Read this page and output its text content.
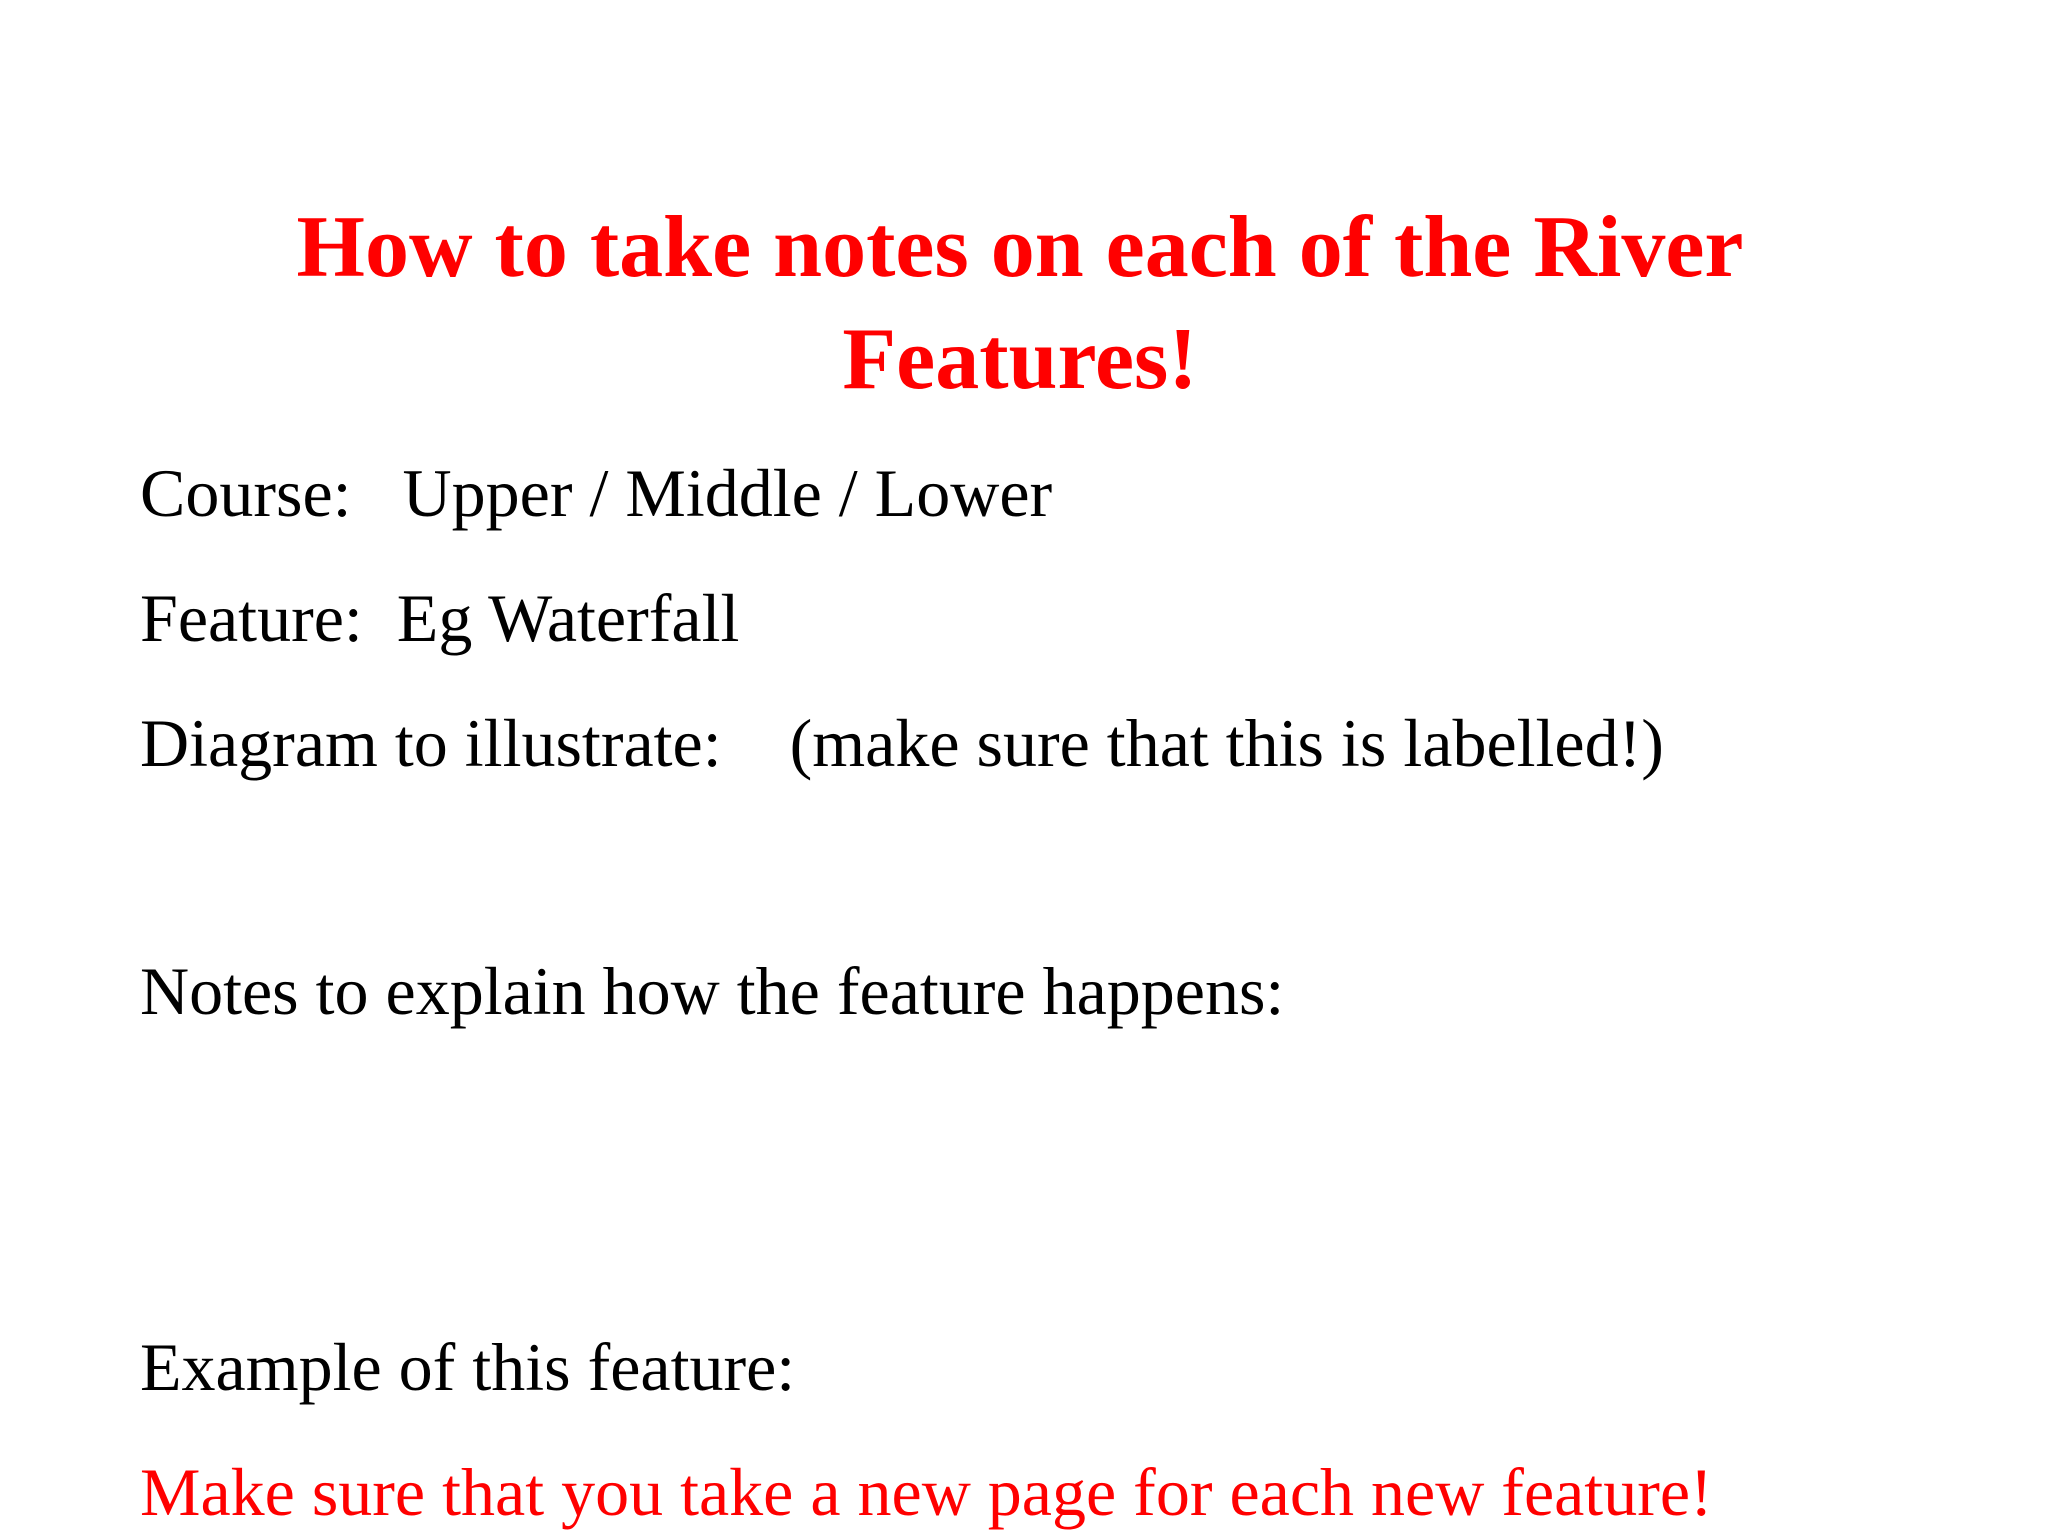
How to take notes on each of the River Features!

Course:   Upper / Middle / Lower

Feature:  Eg Waterfall

Diagram to illustrate:    (make sure that this is labelled!)

Notes to explain how the feature happens:

Example of this feature:

Make sure that you take a new page for each new feature!
